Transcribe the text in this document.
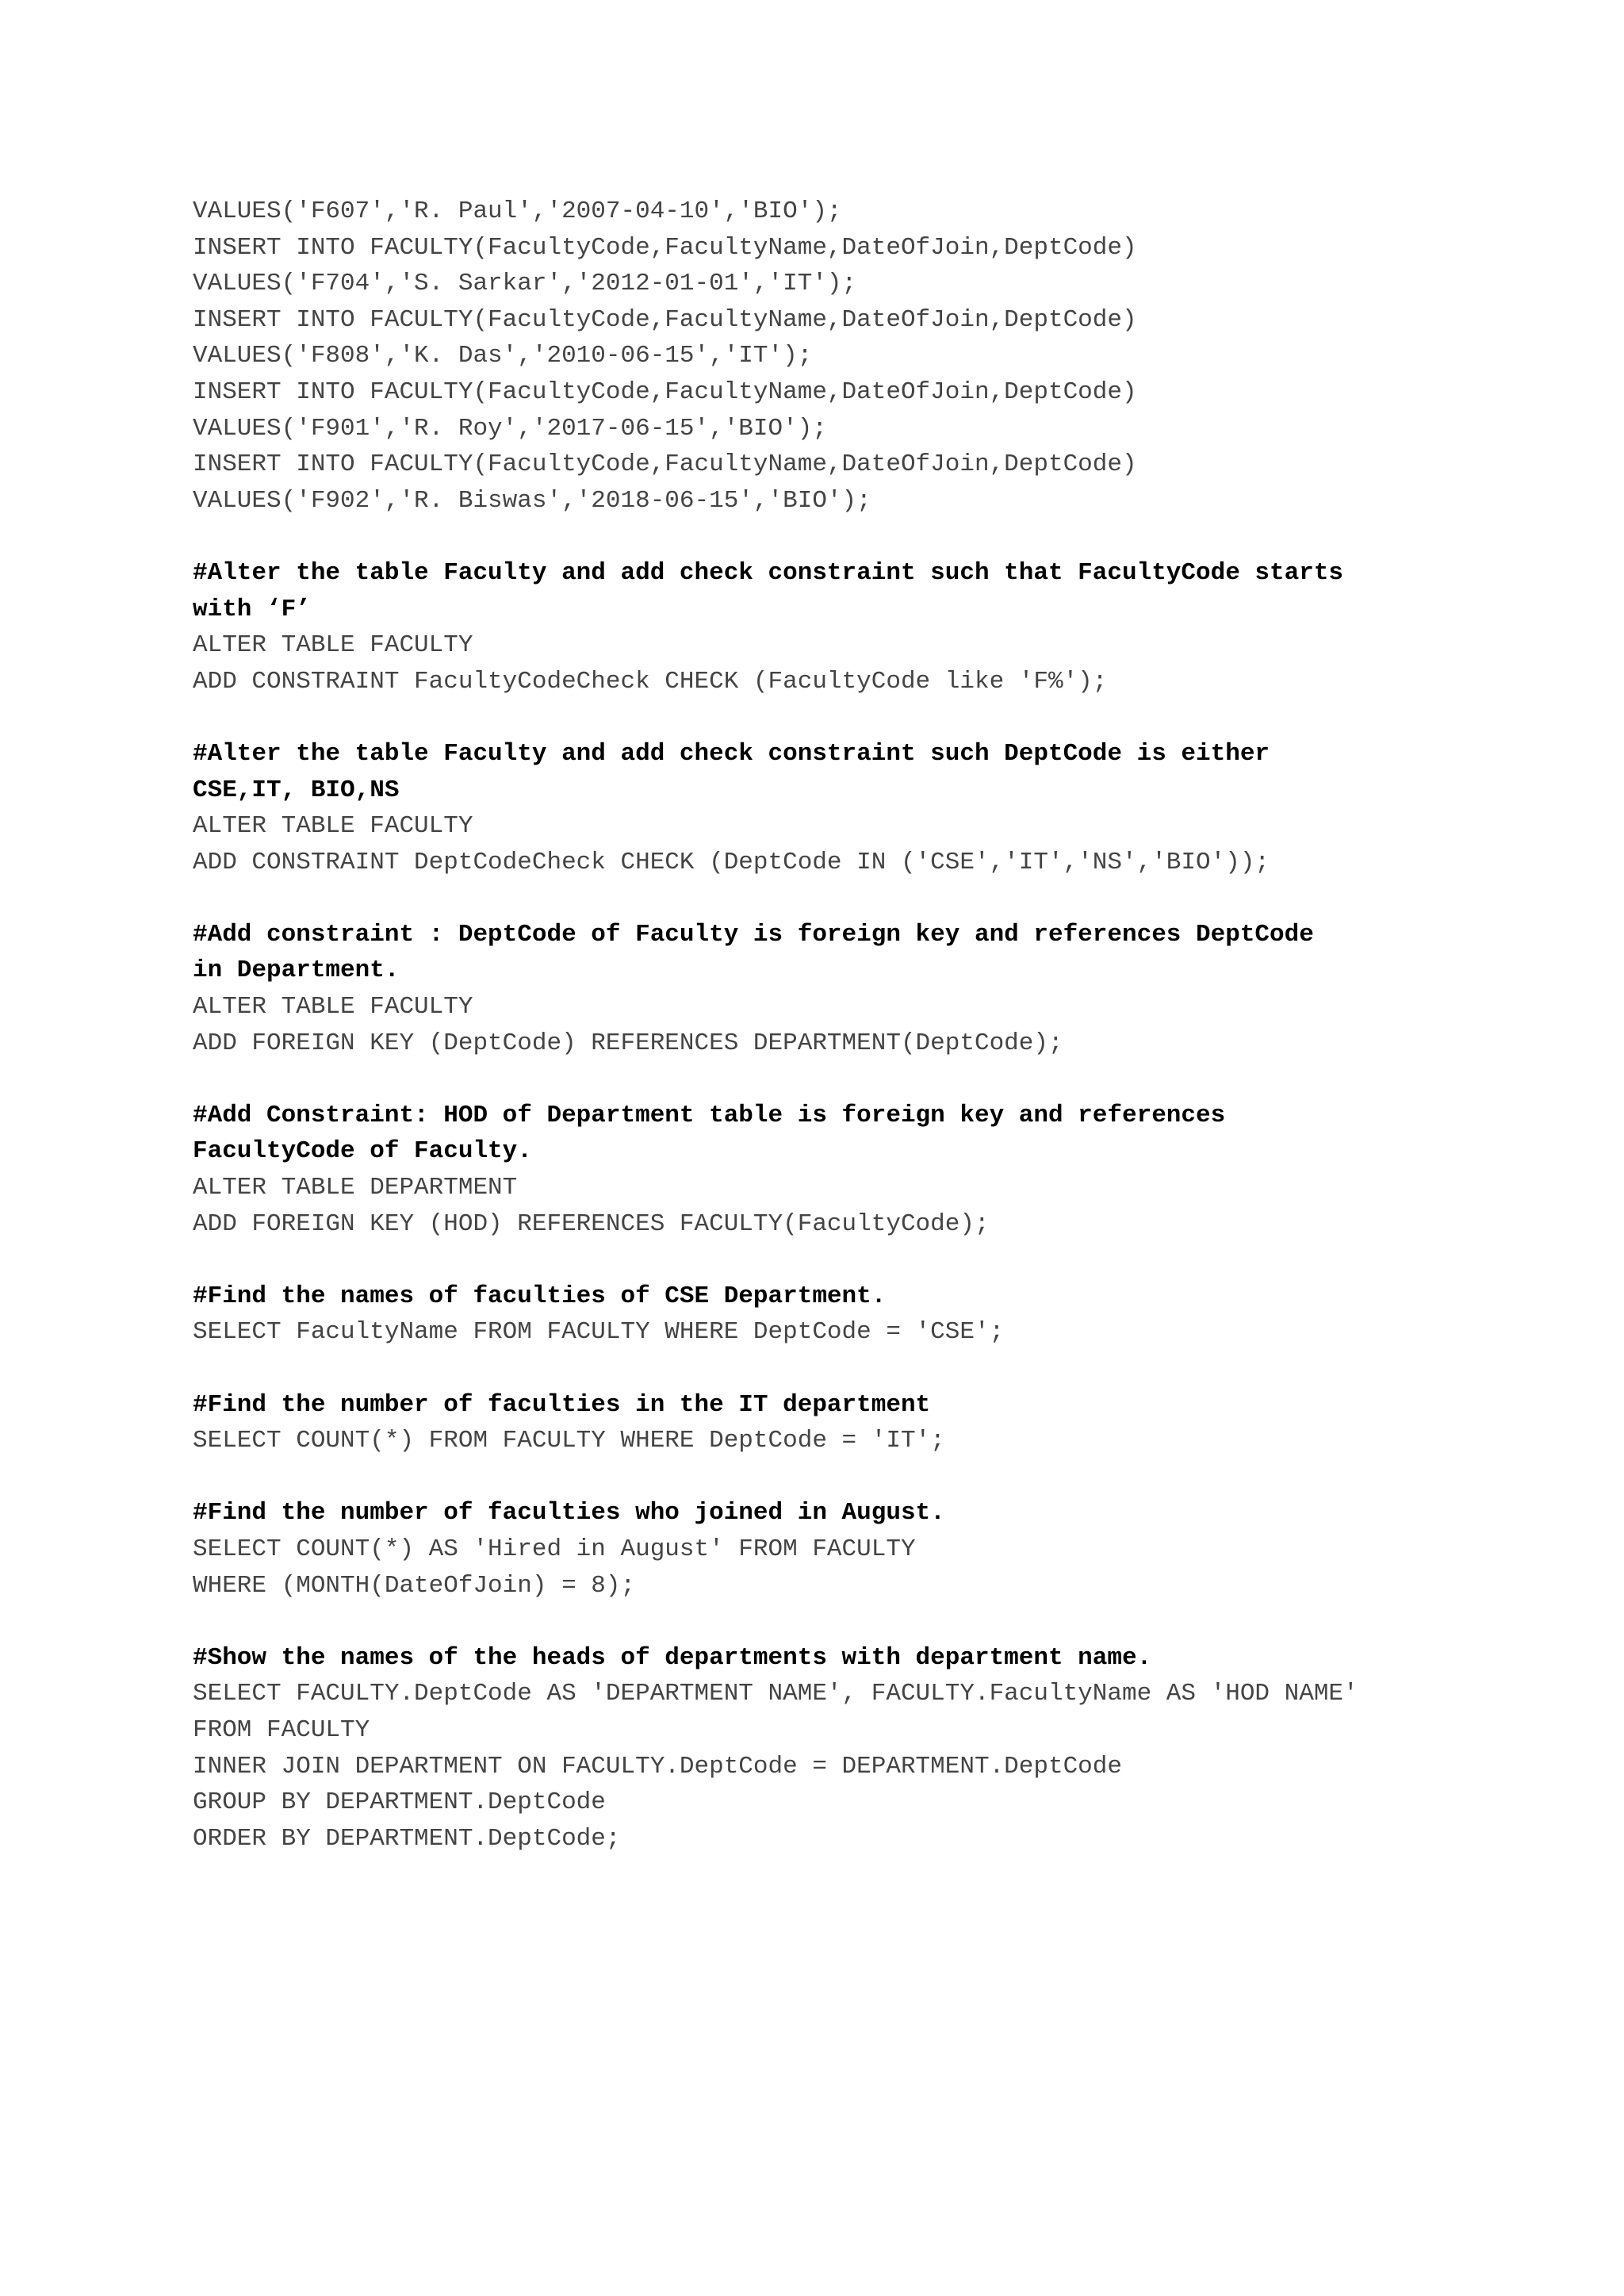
VALUES('F607','R. Paul','2007-04-10','BIO');
INSERT INTO FACULTY(FacultyCode,FacultyName,DateOfJoin,DeptCode)
VALUES('F704','S. Sarkar','2012-01-01','IT');
INSERT INTO FACULTY(FacultyCode,FacultyName,DateOfJoin,DeptCode)
VALUES('F808','K. Das','2010-06-15','IT');
INSERT INTO FACULTY(FacultyCode,FacultyName,DateOfJoin,DeptCode)
VALUES('F901','R. Roy','2017-06-15','BIO');
INSERT INTO FACULTY(FacultyCode,FacultyName,DateOfJoin,DeptCode)
VALUES('F902','R. Biswas','2018-06-15','BIO');
#Alter the table Faculty and add check constraint such that FacultyCode starts
with ‘F’
ALTER TABLE FACULTY
ADD CONSTRAINT FacultyCodeCheck CHECK (FacultyCode like 'F%');
#Alter the table Faculty and add check constraint such DeptCode is either
CSE,IT, BIO,NS
ALTER TABLE FACULTY
ADD CONSTRAINT DeptCodeCheck CHECK (DeptCode IN ('CSE','IT','NS','BIO'));
#Add constraint : DeptCode of Faculty is foreign key and references DeptCode
in Department.
ALTER TABLE FACULTY
ADD FOREIGN KEY (DeptCode) REFERENCES DEPARTMENT(DeptCode);
#Add Constraint: HOD of Department table is foreign key and references
FacultyCode of Faculty.
ALTER TABLE DEPARTMENT
ADD FOREIGN KEY (HOD) REFERENCES FACULTY(FacultyCode);
#Find the names of faculties of CSE Department.
SELECT FacultyName FROM FACULTY WHERE DeptCode = 'CSE';
#Find the number of faculties in the IT department
SELECT COUNT(*) FROM FACULTY WHERE DeptCode = 'IT';
#Find the number of faculties who joined in August.
SELECT COUNT(*) AS 'Hired in August' FROM FACULTY
WHERE (MONTH(DateOfJoin) = 8);
#Show the names of the heads of departments with department name.
SELECT FACULTY.DeptCode AS 'DEPARTMENT NAME', FACULTY.FacultyName AS 'HOD NAME'
FROM FACULTY
INNER JOIN DEPARTMENT ON FACULTY.DeptCode = DEPARTMENT.DeptCode
GROUP BY DEPARTMENT.DeptCode
ORDER BY DEPARTMENT.DeptCode;
